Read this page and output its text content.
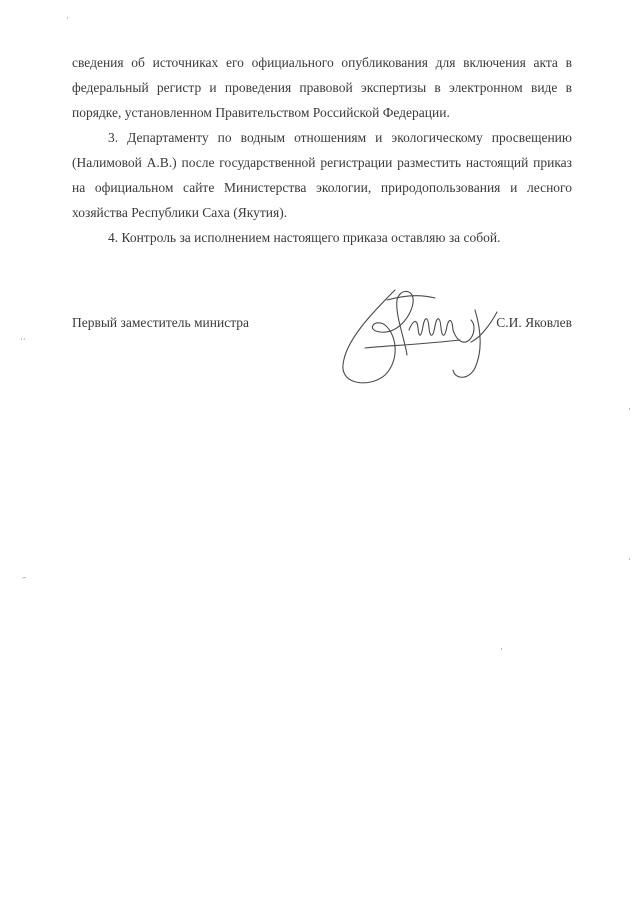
сведения об источниках его официального опубликования для включения акта в федеральный регистр и проведения правовой экспертизы в электронном виде в порядке, установленном Правительством Российской Федерации.

3. Департаменту по водным отношениям и экологическому просвещению (Налимовой А.В.) после государственной регистрации разместить настоящий приказ на официальном сайте Министерства экологии, природопользования и лесного хозяйства Республики Саха (Якутия).

4. Контроль за исполнением настоящего приказа оставляю за собой.

Первый заместитель министра	С.И. Яковлев
·
··
–
·
·
·
